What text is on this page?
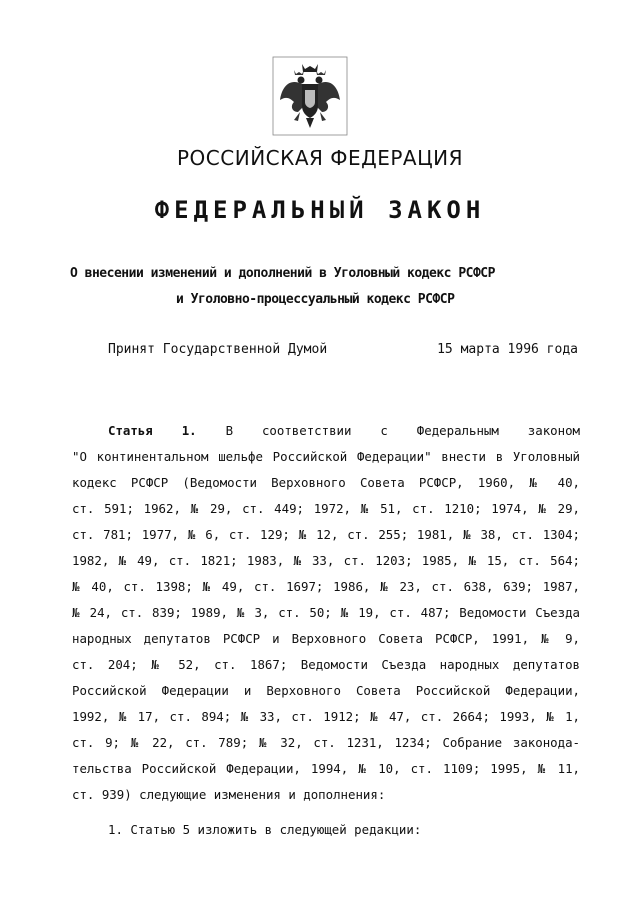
РОССИЙСКАЯ ФЕДЕРАЦИЯ
ФЕДЕРАЛЬНЫЙ ЗАКОН
О внесении изменений и дополнений в Уголовный кодекс РСФСР
и Уголовно-процессуальный кодекс РСФСР
Принят Государственной Думой	15 марта 1996 года
Статья 1. В соответствии с Федеральным законом
"О континентальном шельфе Российской Федерации" внести в Уголовный
кодекс РСФСР (Ведомости Верховного Совета РСФСР, 1960, № 40,
ст. 591; 1962, № 29, ст. 449; 1972, № 51, ст. 1210; 1974, № 29,
ст. 781; 1977, № 6, ст. 129; № 12, ст. 255; 1981, № 38, ст. 1304;
1982, № 49, ст. 1821; 1983, № 33, ст. 1203; 1985, № 15, ст. 564;
№ 40, ст. 1398; № 49, ст. 1697; 1986, № 23, ст. 638, 639; 1987,
№ 24, ст. 839; 1989, № 3, ст. 50; № 19, ст. 487; Ведомости Съезда
народных депутатов РСФСР и Верховного Совета РСФСР, 1991, № 9,
ст. 204; № 52, ст. 1867; Ведомости Съезда народных депутатов
Российской Федерации и Верховного Совета Российской Федерации,
1992, № 17, ст. 894; № 33, ст. 1912; № 47, ст. 2664; 1993, № 1,
ст. 9; № 22, ст. 789; № 32, ст. 1231, 1234; Собрание законода-
тельства Российской Федерации, 1994, № 10, ст. 1109; 1995, № 11,
ст. 939) следующие изменения и дополнения:
1. Статью 5 изложить в следующей редакции:
